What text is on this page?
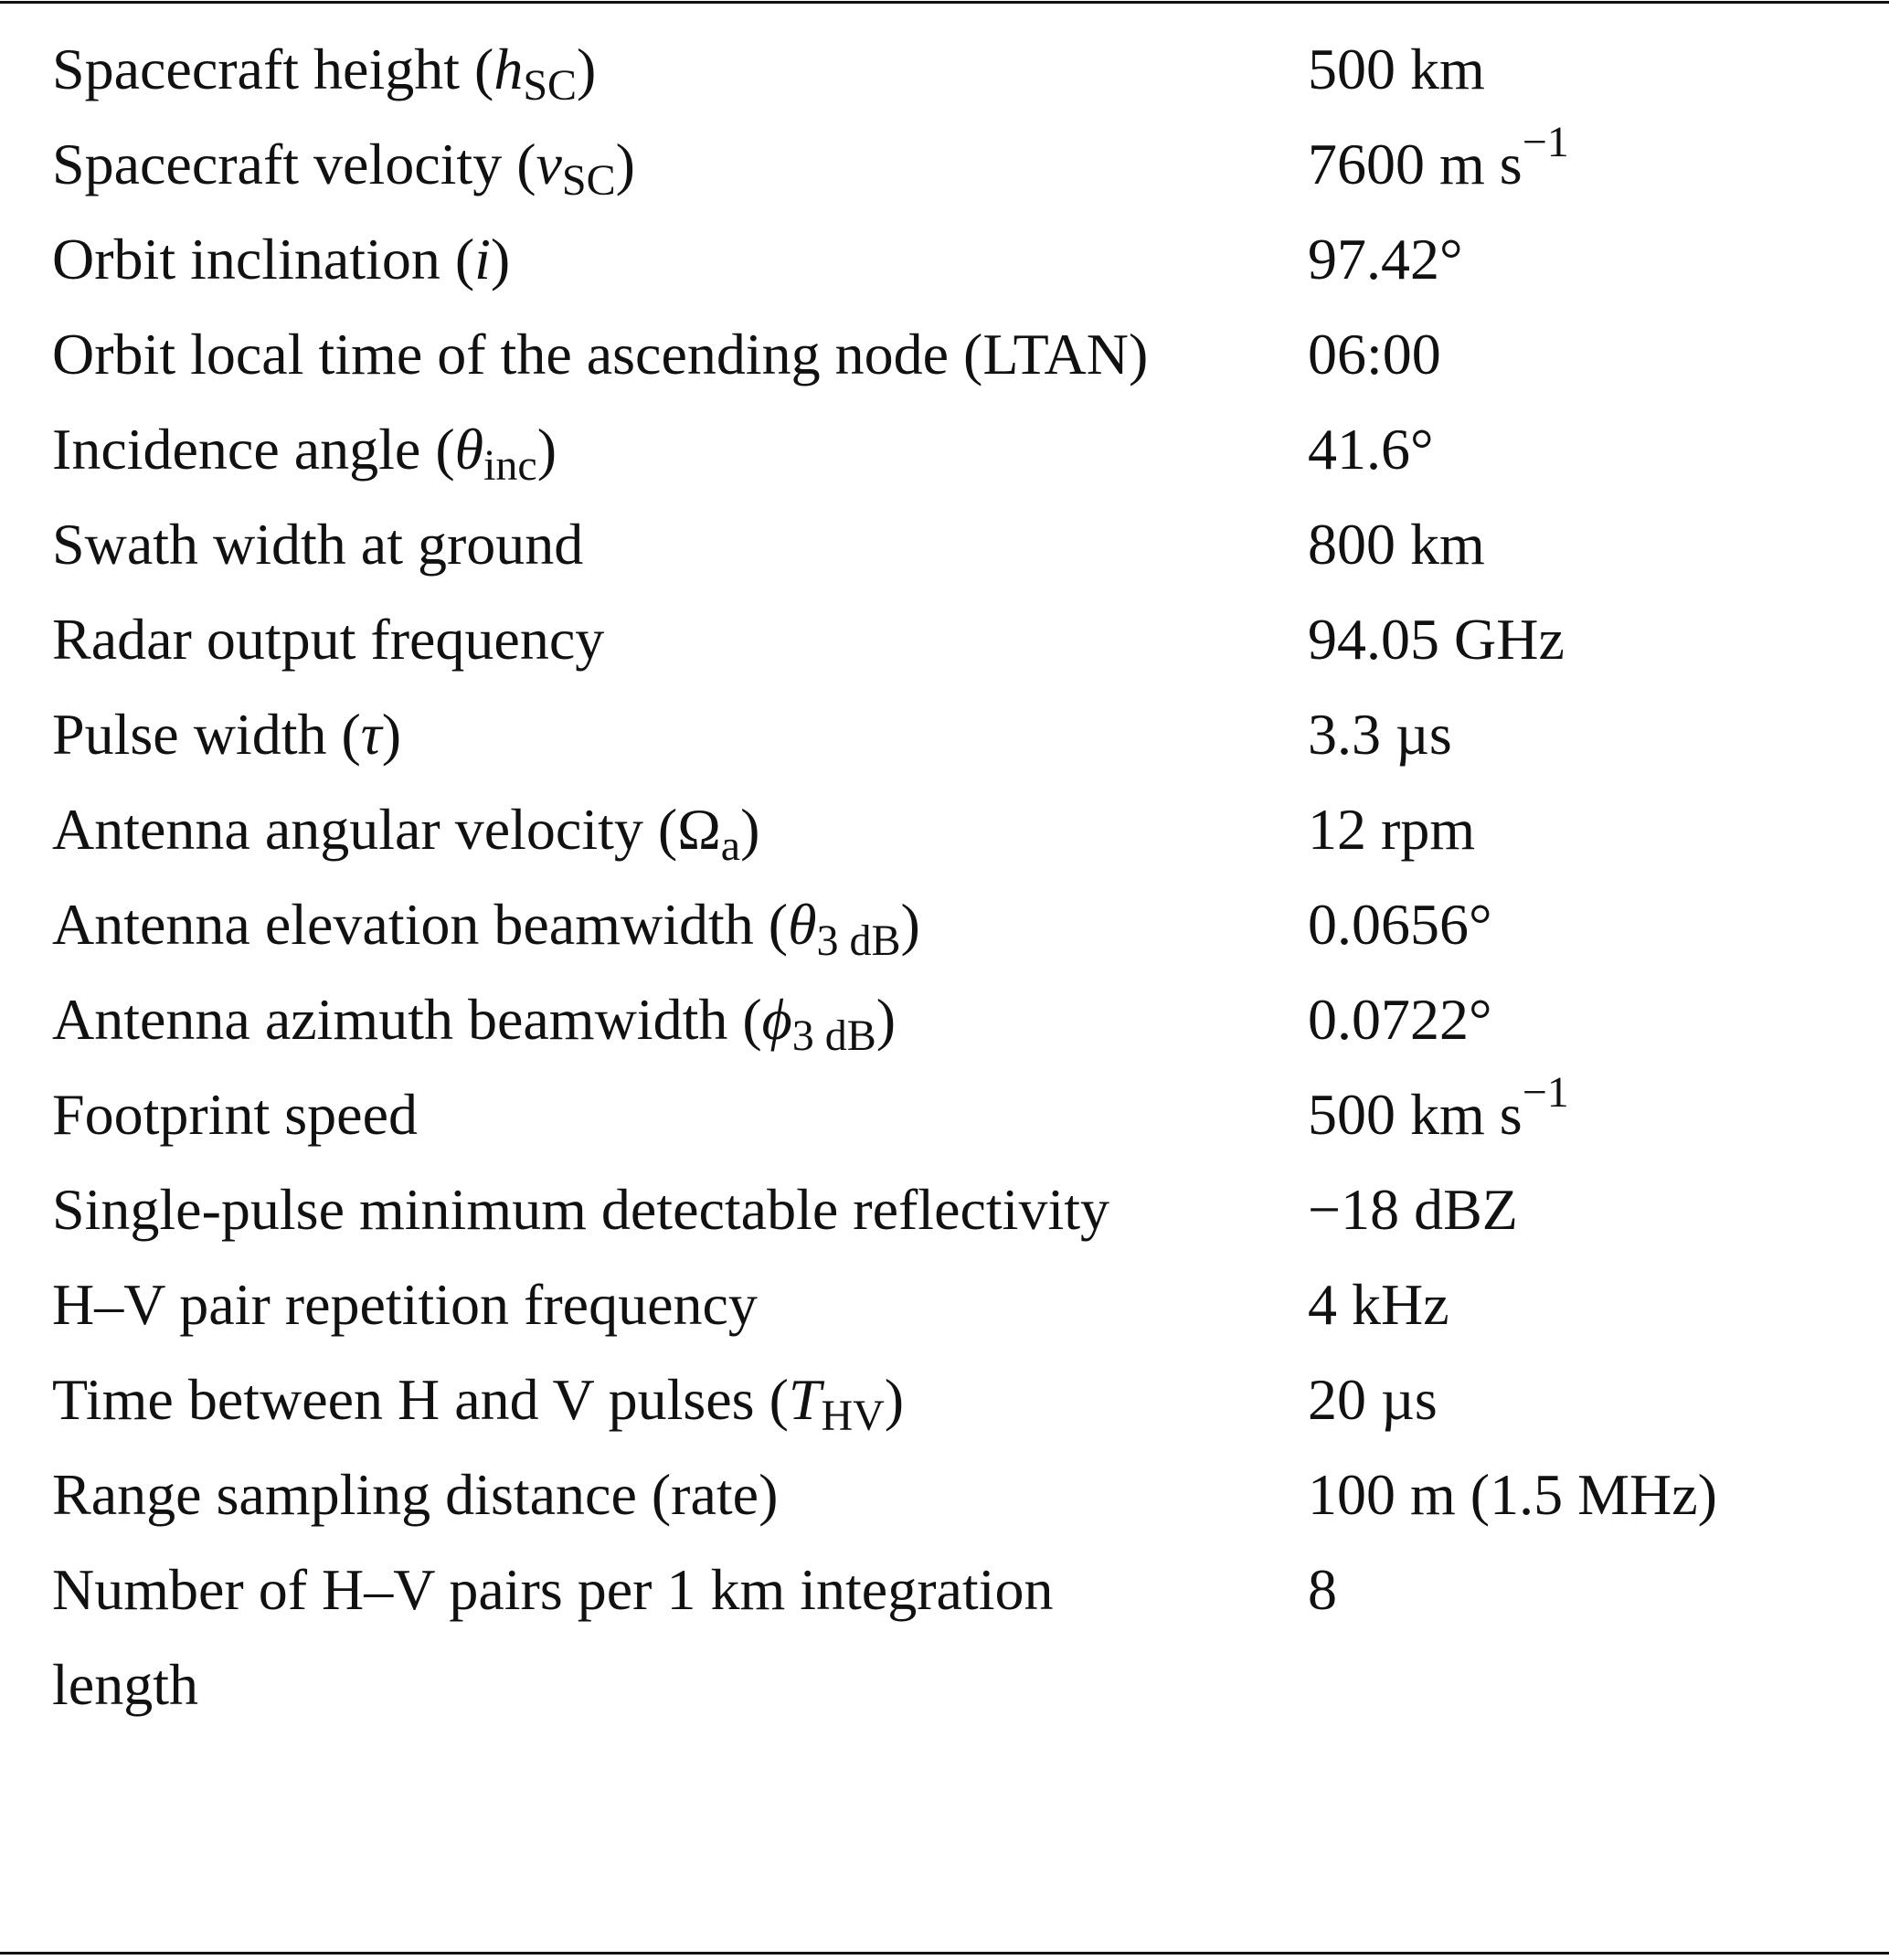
Spacecraft height $(h_{SC})$	500 km
Spacecraft velocity $(v_{SC})$	7600 m $s^{-1}$
Orbit inclination (i)	97.42°
Orbit local time of the ascending node (LTAN)	06:00
Incidence angle $(\theta_{inc})$	41.6°
Swath width at ground	800 km
Radar output frequency	94.05 GHz
Pulse width (τ)	3.3 µs
Antenna angular velocity $(\Omega_a)$	12 rpm
Antenna elevation beamwidth $(\theta_{3 dB})$	0.0656°
Antenna azimuth beamwidth $(\phi_{3 dB})$	0.0722°
Footprint speed	500 km $s^{-1}$
Single-pulse minimum detectable reflectivity	−18 dBZ
H–V pair repetition frequency	4 kHz
Time between H and V pulses $(T_{HV})$	20 µs
Range sampling distance (rate)	100 m (1.5 MHz)
Number of H–V pairs per 1 km integration length	8
